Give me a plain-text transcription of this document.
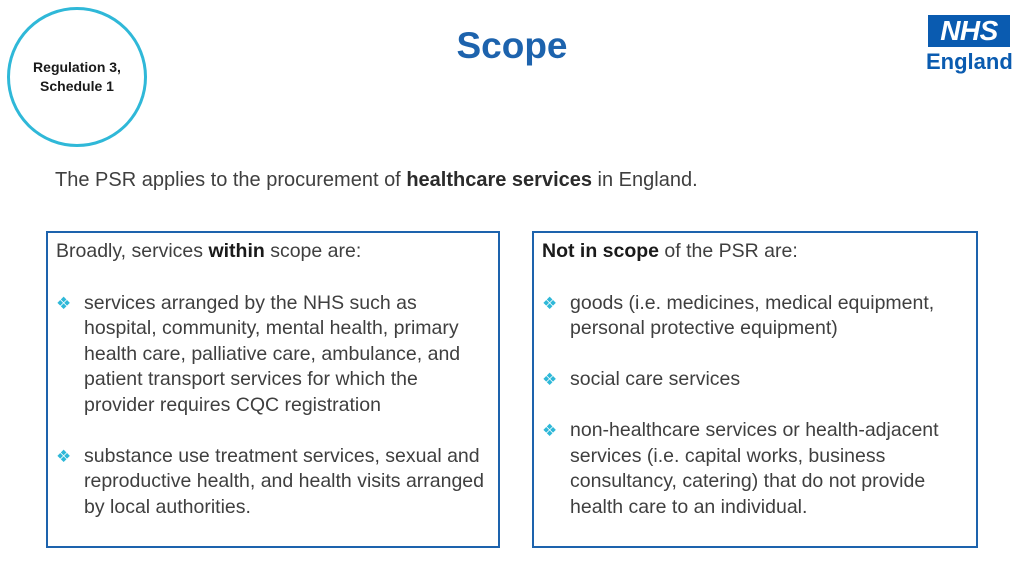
Regulation 3,
Schedule 1
Scope	NHS
England
The PSR applies to the procurement of healthcare services in England.
Broadly, services within scope are:
❖ services arranged by the NHS such as hospital, community, mental health, primary health care, palliative care, ambulance, and patient transport services for which the provider requires CQC registration
❖ substance use treatment services, sexual and reproductive health, and health visits arranged by local authorities.
Not in scope of the PSR are:
❖ goods (i.e. medicines, medical equipment, personal protective equipment)
❖ social care services
❖ non-healthcare services or health-adjacent services (i.e. capital works, business consultancy, catering) that do not provide health care to an individual.
